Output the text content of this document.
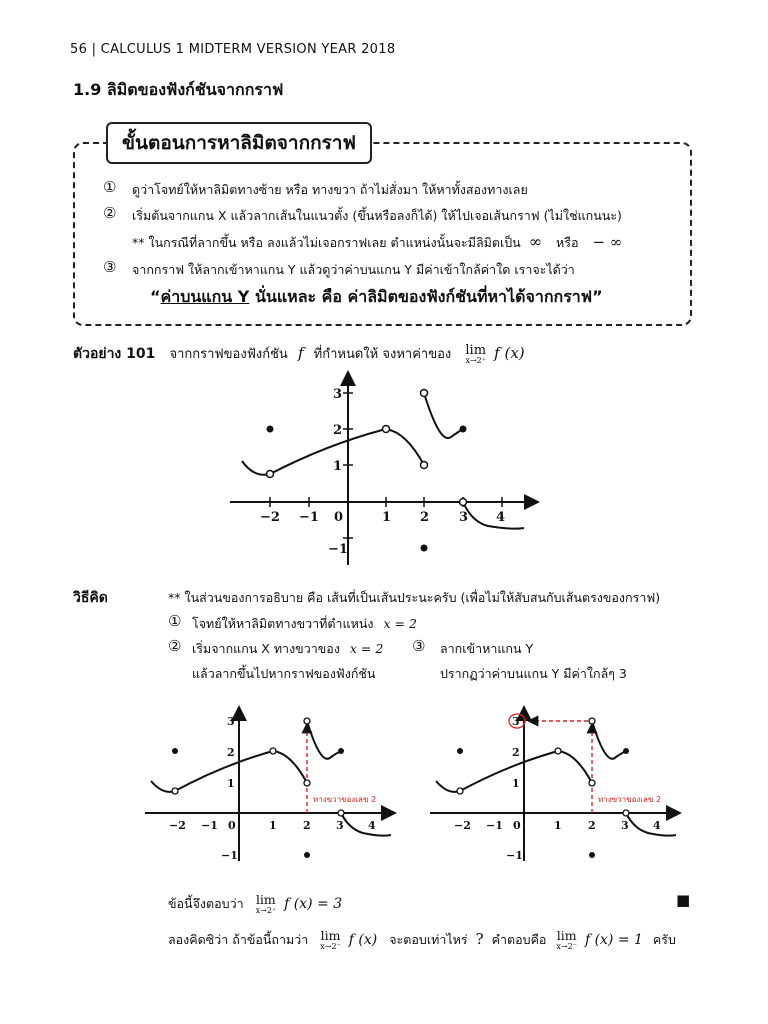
56 | CALCULUS 1 MIDTERM VERSION YEAR 2018
1.9 ลิมิตของฟังก์ชันจากกราฟ
ขั้นตอนการหาลิมิตจากกราฟ
① ดูว่าโจทย์ให้หาลิมิตทางซ้าย หรือ ทางขวา ถ้าไม่สั่งมา ให้หาทั้งสองทางเลย
② เริ่มต้นจากแกน X แล้วลากเส้นในแนวตั้ง (ขึ้นหรือลงก็ได้) ให้ไปเจอเส้นกราฟ (ไม่ใช่แกนนะ)
** ในกรณีที่ลากขึ้น หรือ ลงแล้วไม่เจอกราฟเลย ตำแหน่งนั้นจะมีลิมิตเป็น ∞ หรือ − ∞
③ จากกราฟ ให้ลากเข้าหาแกน Y แล้วดูว่าค่าบนแกน Y มีค่าเข้าใกล้ค่าใด เราจะได้ว่า
“ค่าบนแกน Y นั่นแหละ คือ ค่าลิมิตของฟังก์ชันที่หาได้จากกราฟ”
ตัวอย่าง 101 จากกราฟของฟังก์ชัน f ที่กำหนดให้ จงหาค่าของ lim
x→2⁺ f (x)
−2 −1 0	1 2 3 4
3
2
1
−1
วิธีคิด	** ในส่วนของการอธิบาย คือ เส้นที่เป็นเส้นประนะครับ (เพื่อไม่ให้สับสนกับเส้นตรงของกราฟ)
① โจทย์ให้หาลิมิตทางขวาที่ตำแหน่ง x = 2
② เริ่มจากแกน X ทางขวาของ x = 2
แล้วลากขึ้นไปหากราฟของฟังก์ชัน
③ ลากเข้าหาแกน Y
ปรากฏว่าค่าบนแกน Y มีค่าใกล้ๆ 3
−2 −1 0	1 2 3 4
3
2
1
−1
ทางขวาของเลข 2
−2 −1 0	1 2 3 4
3
2
1
−1
ทางขวาของเลข 2
ข้อนี้จึงตอบว่า lim
x→2⁺ f (x) = 3	■
ลองคิดซิว่า ถ้าข้อนี้ถามว่า lim
x→2⁻ f (x) จะตอบเท่าไหร่ ? คำตอบคือ lim
x→2⁻ f (x) = 1 ครับ
